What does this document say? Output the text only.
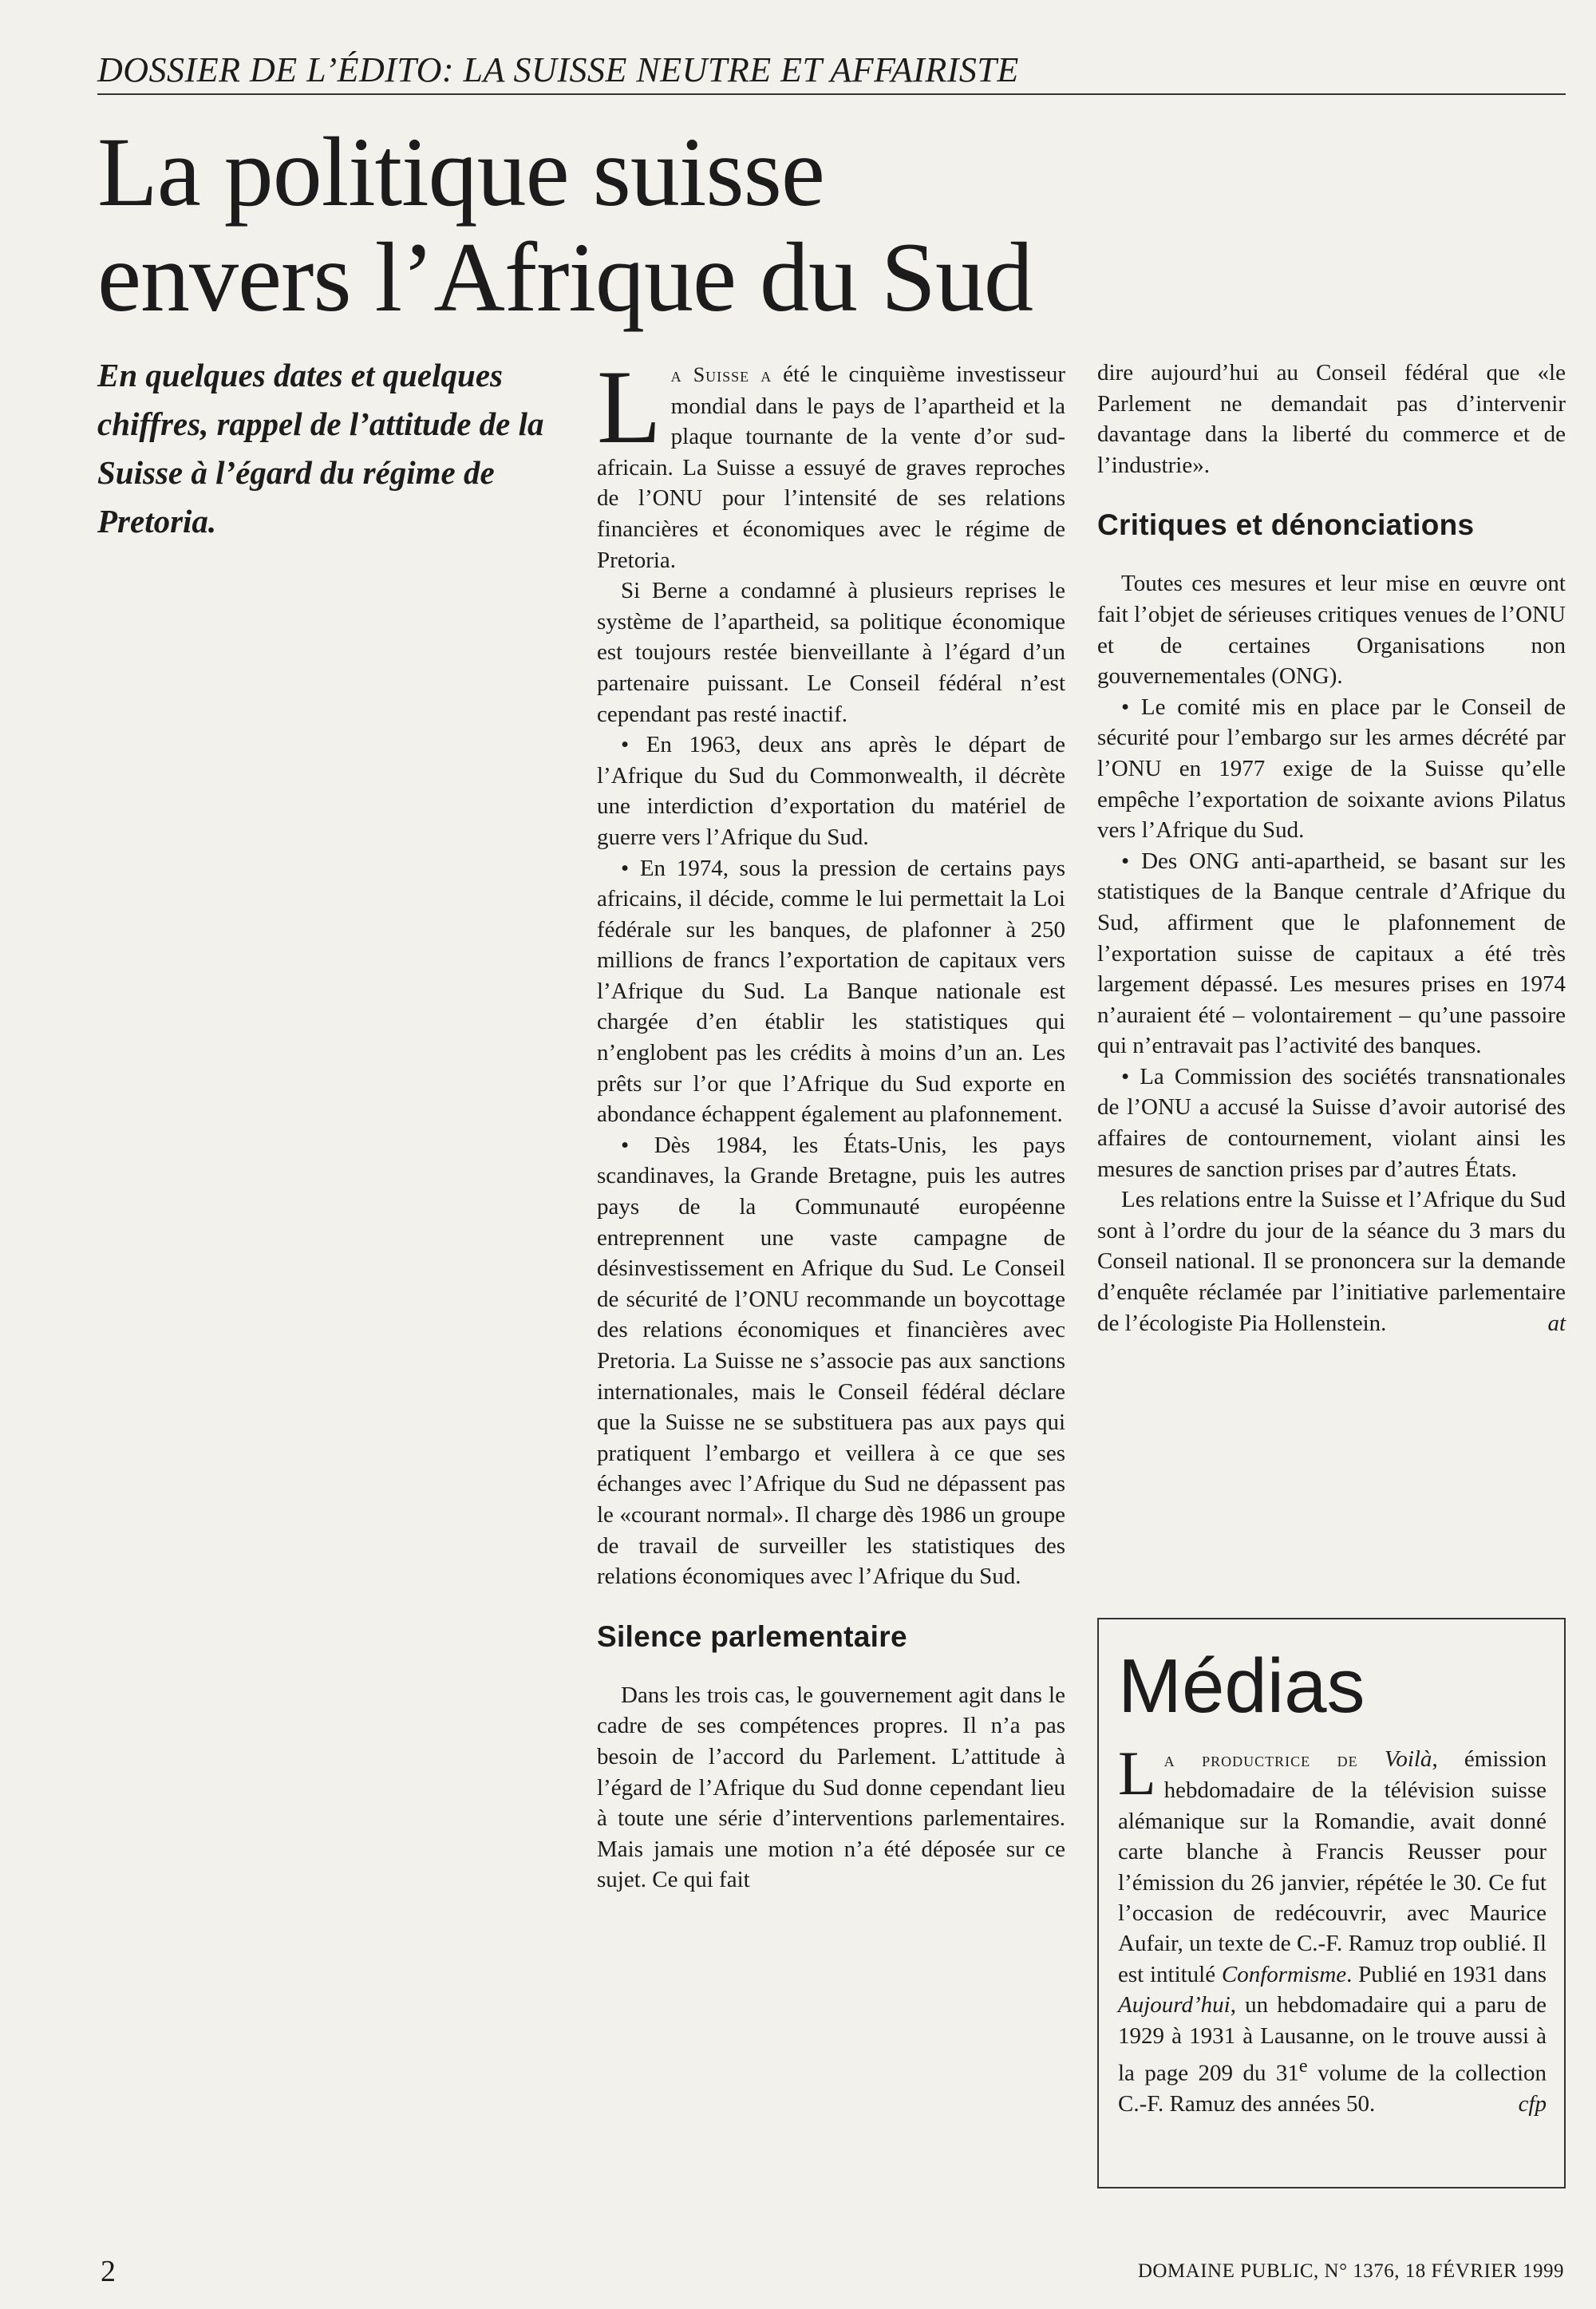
DOSSIER DE L’ÉDITO: LA SUISSE NEUTRE ET AFFAIRISTE
La politique suisse
envers l’Afrique du Sud
En quelques dates et quelques chiffres, rappel de l’attitude de la Suisse à l’égard du régime de Pretoria.

La Suisse a été le cinquième investisseur mondial dans le pays de l’apartheid et la plaque tournante de la vente d’or sud-africain. La Suisse a essuyé de graves reproches de l’ONU pour l’intensité de ses relations financières et économiques avec le régime de Pretoria.

Si Berne a condamné à plusieurs reprises le système de l’apartheid, sa politique économique est toujours restée bienveillante à l’égard d’un partenaire puissant. Le Conseil fédéral n’est cependant pas resté inactif.

• En 1963, deux ans après le départ de l’Afrique du Sud du Commonwealth, il décrète une interdiction d’exportation du matériel de guerre vers l’Afrique du Sud.

• En 1974, sous la pression de certains pays africains, il décide, comme le lui permettait la Loi fédérale sur les banques, de plafonner à 250 millions de francs l’exportation de capitaux vers l’Afrique du Sud. La Banque nationale est chargée d’en établir les statistiques qui n’englobent pas les crédits à moins d’un an. Les prêts sur l’or que l’Afrique du Sud exporte en abondance échappent également au plafonnement.

• Dès 1984, les États-Unis, les pays scandinaves, la Grande Bretagne, puis les autres pays de la Communauté européenne entreprennent une vaste campagne de désinvestissement en Afrique du Sud. Le Conseil de sécurité de l’ONU recommande un boycottage des relations économiques et financières avec Pretoria. La Suisse ne s’associe pas aux sanctions internationales, mais le Conseil fédéral déclare que la Suisse ne se substituera pas aux pays qui pratiquent l’embargo et veillera à ce que ses échanges avec l’Afrique du Sud ne dépassent pas le «courant normal». Il charge dès 1986 un groupe de travail de surveiller les statistiques des relations économiques avec l’Afrique du Sud.

Silence parlementaire

Dans les trois cas, le gouvernement agit dans le cadre de ses compétences propres. Il n’a pas besoin de l’accord du Parlement. L’attitude à l’égard de l’Afrique du Sud donne cependant lieu à toute une série d’interventions parlementaires. Mais jamais une motion n’a été déposée sur ce sujet. Ce qui fait

dire aujourd’hui au Conseil fédéral que «le Parlement ne demandait pas d’intervenir davantage dans la liberté du commerce et de l’industrie».

Critiques et dénonciations

Toutes ces mesures et leur mise en œuvre ont fait l’objet de sérieuses critiques venues de l’ONU et de certaines Organisations non gouvernementales (ONG).

• Le comité mis en place par le Conseil de sécurité pour l’embargo sur les armes décrété par l’ONU en 1977 exige de la Suisse qu’elle empêche l’exportation de soixante avions Pilatus vers l’Afrique du Sud.

• Des ONG anti-apartheid, se basant sur les statistiques de la Banque centrale d’Afrique du Sud, affirment que le plafonnement de l’exportation suisse de capitaux a été très largement dépassé. Les mesures prises en 1974 n’auraient été – volontairement – qu’une passoire qui n’entravait pas l’activité des banques.

• La Commission des sociétés transnationales de l’ONU a accusé la Suisse d’avoir autorisé des affaires de contournement, violant ainsi les mesures de sanction prises par d’autres États.

Les relations entre la Suisse et l’Afrique du Sud sont à l’ordre du jour de la séance du 3 mars du Conseil national. Il se prononcera sur la demande d’enquête réclamée par l’initiative parlementaire de l’écologiste Pia Hollenstein.	at

Médias
La productrice de Voilà, émission hebdomadaire de la télévision suisse alémanique sur la Romandie, avait donné carte blanche à Francis Reusser pour l’émission du 26 janvier, répétée le 30. Ce fut l’occasion de redécouvrir, avec Maurice Aufair, un texte de C.-F. Ramuz trop oublié. Il est intitulé Conformisme. Publié en 1931 dans Aujourd’hui, un hebdomadaire qui a paru de 1929 à 1931 à Lausanne, on le trouve aussi à la page 209 du 31e volume de la collection C.-F. Ramuz des années 50.	cfp
2	DOMAINE PUBLIC, N° 1376, 18 FÉVRIER 1999
